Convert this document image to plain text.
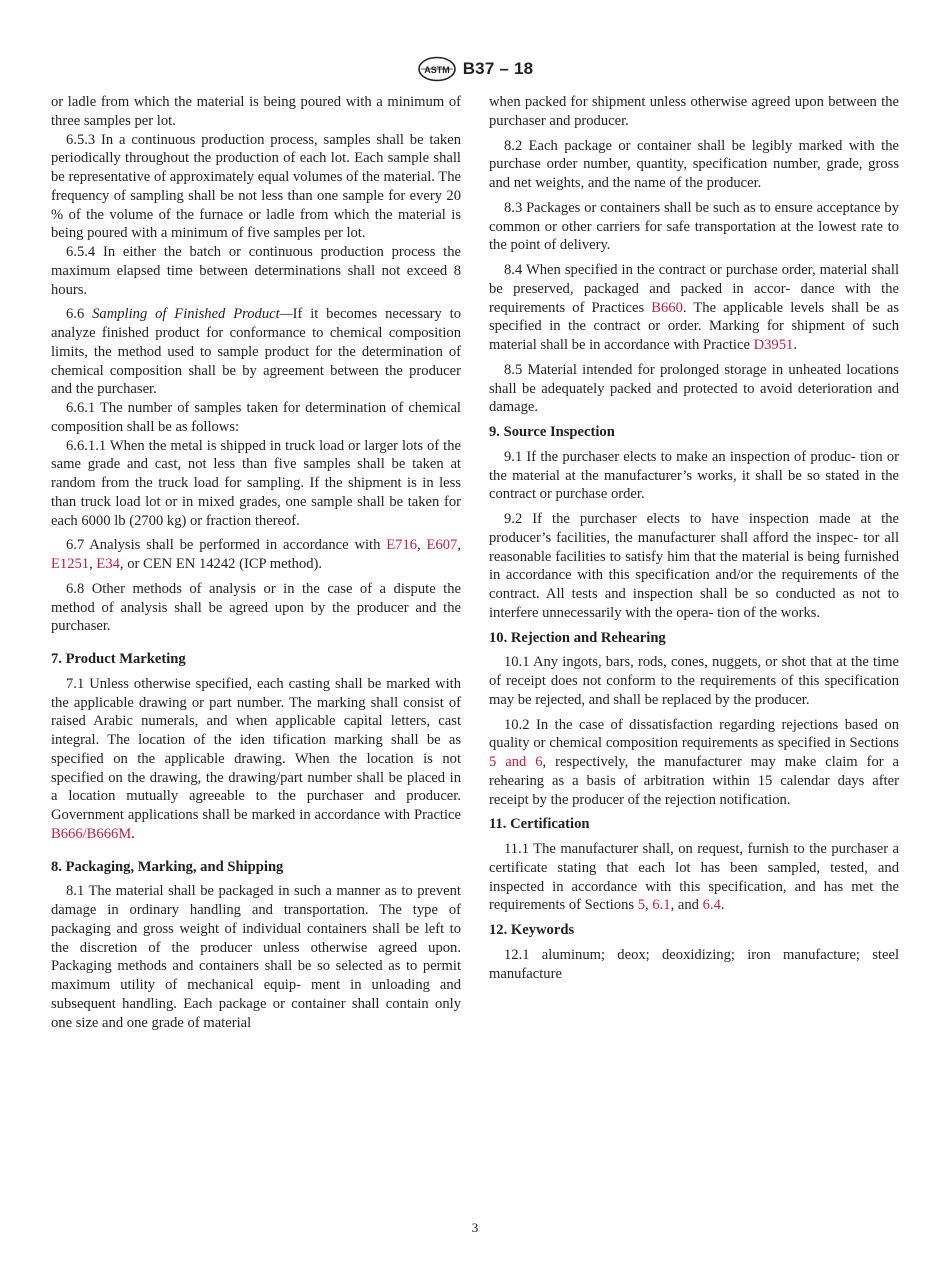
ASTM B37 – 18

or ladle from which the material is being poured with a minimum of three samples per lot.

6.5.3 In a continuous production process, samples shall be taken periodically throughout the production of each lot. Each sample shall be representative of approximately equal volumes of the material. The frequency of sampling shall be not less than one sample for every 20 % of the volume of the furnace or ladle from which the material is being poured with a minimum of five samples per lot.

6.5.4 In either the batch or continuous production process the maximum elapsed time between determinations shall not exceed 8 hours.

6.6 Sampling of Finished Product—If it becomes necessary to analyze finished product for conformance to chemical composition limits, the method used to sample product for the determination of chemical composition shall be by agreement between the producer and the purchaser.

6.6.1 The number of samples taken for determination of chemical composition shall be as follows:

6.6.1.1 When the metal is shipped in truck load or larger lots of the same grade and cast, not less than five samples shall be taken at random from the truck load for sampling. If the shipment is in less than truck load lot or in mixed grades, one sample shall be taken for each 6000 lb (2700 kg) or fraction thereof.

6.7 Analysis shall be performed in accordance with E716, E607, E1251, E34, or CEN EN 14242 (ICP method).

6.8 Other methods of analysis or in the case of a dispute the method of analysis shall be agreed upon by the producer and the purchaser.

7. Product Marketing

7.1 Unless otherwise specified, each casting shall be marked with the applicable drawing or part number. The marking shall consist of raised Arabic numerals, and when applicable capital letters, cast integral. The location of the iden tification marking shall be as specified on the applicable drawing. When the location is not specified on the drawing, the drawing/part number shall be placed in a location mutually agreeable to the purchaser and producer. Government applications shall be marked in accordance with Practice B666/B666M.

8. Packaging, Marking, and Shipping

8.1 The material shall be packaged in such a manner as to prevent damage in ordinary handling and transportation. The type of packaging and gross weight of individual containers shall be left to the discretion of the producer unless otherwise agreed upon. Packaging methods and containers shall be so selected as to permit maximum utility of mechanical equip- ment in unloading and subsequent handling. Each package or container shall contain only one size and one grade of material

when packed for shipment unless otherwise agreed upon between the purchaser and producer.

8.2 Each package or container shall be legibly marked with the purchase order number, quantity, specification number, grade, gross and net weights, and the name of the producer.

8.3 Packages or containers shall be such as to ensure acceptance by common or other carriers for safe transportation at the lowest rate to the point of delivery.

8.4 When specified in the contract or purchase order, material shall be preserved, packaged and packed in accor- dance with the requirements of Practices B660. The applicable levels shall be as specified in the contract or order. Marking for shipment of such material shall be in accordance with Practice D3951.

8.5 Material intended for prolonged storage in unheated locations shall be adequately packed and protected to avoid deterioration and damage.

9. Source Inspection

9.1 If the purchaser elects to make an inspection of produc- tion or the material at the manufacturer’s works, it shall be so stated in the contract or purchase order.

9.2 If the purchaser elects to have inspection made at the producer’s facilities, the manufacturer shall afford the inspec- tor all reasonable facilities to satisfy him that the material is being furnished in accordance with this specification and/or the requirements of the contract. All tests and inspection shall be so conducted as not to interfere unnecessarily with the opera- tion of the works.

10. Rejection and Rehearing

10.1 Any ingots, bars, rods, cones, nuggets, or shot that at the time of receipt does not conform to the requirements of this specification may be rejected, and shall be replaced by the producer.

10.2 In the case of dissatisfaction regarding rejections based on quality or chemical composition requirements as specified in Sections 5 and 6, respectively, the manufacturer may make claim for a rehearing as a basis of arbitration within 15 calendar days after receipt by the producer of the rejection notification.

11. Certification

11.1 The manufacturer shall, on request, furnish to the purchaser a certificate stating that each lot has been sampled, tested, and inspected in accordance with this specification, and has met the requirements of Sections 5, 6.1, and 6.4.

12. Keywords

12.1 aluminum; deox; deoxidizing; iron manufacture; steel manufacture

3
